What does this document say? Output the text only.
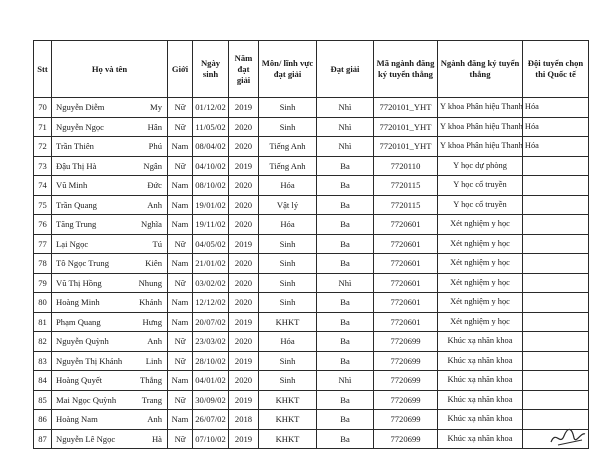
Stt	Họ và tên	Giới	Ngày sinh	Năm đạt giải	Môn/ lĩnh vực đạt giải	Đạt giải	Mã ngành đăng ký tuyển thẳng	Ngành đăng ký tuyển thẳng	Đội tuyển chọn thi Quốc tế
70	Nguyễn Diễm My	Nữ	01/12/02	2019	Sinh	Nhì	7720101_YHT	Y khoa Phân hiệu Thanh Hóa	
71	Nguyễn Ngọc Hân	Nữ	11/05/02	2020	Sinh	Nhì	7720101_YHT	Y khoa Phân hiệu Thanh Hóa	
72	Trần Thiên Phú	Nam	08/04/02	2020	Tiếng Anh	Nhì	7720101_YHT	Y khoa Phân hiệu Thanh Hóa	
73	Đậu Thị Hà Ngân	Nữ	04/10/02	2019	Tiếng Anh	Ba	7720110	Y học dự phòng	
74	Vũ Minh Đức	Nam	08/10/02	2020	Hóa	Ba	7720115	Y học cổ truyền	
75	Trần Quang Anh	Nam	19/01/02	2020	Vật lý	Ba	7720115	Y học cổ truyền	
76	Tăng Trung Nghĩa	Nam	19/11/02	2020	Hóa	Ba	7720601	Xét nghiệm y học	
77	Lại Ngọc Tú	Nữ	04/05/02	2019	Sinh	Ba	7720601	Xét nghiệm y học	
78	Tô Ngọc Trung Kiên	Nam	21/01/02	2020	Sinh	Ba	7720601	Xét nghiệm y học	
79	Vũ Thị Hồng Nhung	Nữ	03/02/02	2020	Sinh	Nhì	7720601	Xét nghiệm y học	
80	Hoàng Minh Khánh	Nam	12/12/02	2020	Sinh	Ba	7720601	Xét nghiệm y học	
81	Phạm Quang Hưng	Nam	20/07/02	2019	KHKT	Ba	7720601	Xét nghiệm y học	
82	Nguyễn Quỳnh Anh	Nữ	23/03/02	2020	Hóa	Ba	7720699	Khúc xạ nhãn khoa	
83	Nguyễn Thị Khánh Linh	Nữ	28/10/02	2019	Sinh	Ba	7720699	Khúc xạ nhãn khoa	
84	Hoàng Quyết Thắng	Nam	04/01/02	2020	Sinh	Nhì	7720699	Khúc xạ nhãn khoa	
85	Mai Ngọc Quỳnh Trang	Nữ	30/09/02	2019	KHKT	Ba	7720699	Khúc xạ nhãn khoa	
86	Hoàng Nam Anh	Nam	26/07/02	2018	KHKT	Ba	7720699	Khúc xạ nhãn khoa	
87	Nguyễn Lê Ngọc Hà	Nữ	07/10/02	2019	KHKT	Ba	7720699	Khúc xạ nhãn khoa	
